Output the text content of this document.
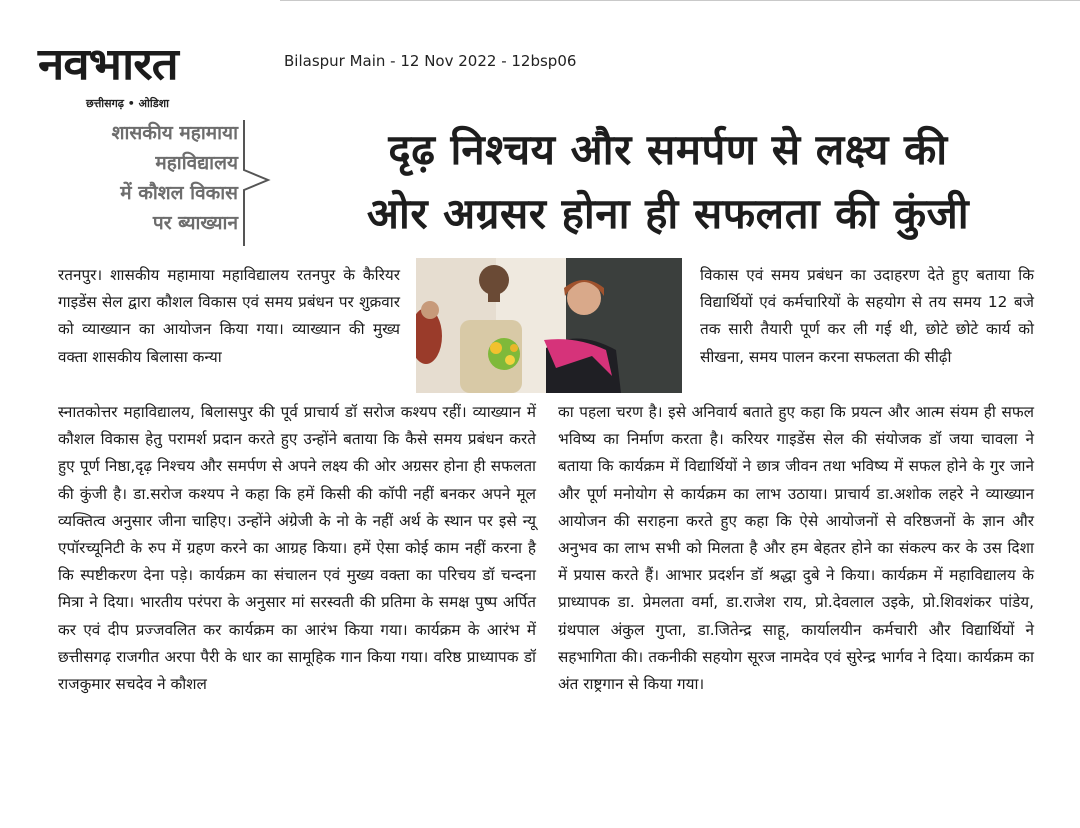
नवभारत
छत्तीसगढ़ • ओडिशा
Bilaspur Main - 12 Nov 2022 - 12bsp06
शासकीय महामाया
महाविद्यालय
में कौशल विकास
पर ब्याख्यान
दृढ़ निश्चय और समर्पण से लक्ष्य की
ओर अग्रसर होना ही सफलता की कुंजी
रतनपुर। शासकीय महामाया महाविद्यालय रतनपुर के कैरियर गाइडेंस सेल द्वारा कौशल विकास एवं समय प्रबंधन पर शुक्रवार को व्याख्यान का आयोजन किया गया। व्याख्यान की मुख्य वक्ता शासकीय बिलासा कन्या
स्नातकोत्तर महाविद्यालय, बिलासपुर की पूर्व प्राचार्य डॉ सरोज कश्यप रहीं। व्याख्यान में कौशल विकास हेतु परामर्श प्रदान करते हुए उन्होंने बताया कि कैसे समय प्रबंधन करते हुए पूर्ण निष्ठा,दृढ़ निश्चय और समर्पण से अपने लक्ष्य की ओर अग्रसर होना ही सफलता की कुंजी है। डा.सरोज कश्यप ने कहा कि हमें किसी की कॉपी नहीं बनकर अपने मूल व्यक्तित्व अनुसार जीना चाहिए। उन्होंने अंग्रेजी के नो के नहीं अर्थ के स्थान पर इसे न्यू एपॉरच्यूनिटी के रुप में ग्रहण करने का आग्रह किया। हमें ऐसा कोई काम नहीं करना है कि स्पष्टीकरण देना पड़े। कार्यक्रम का संचालन एवं मुख्य वक्ता का परिचय डॉ चन्दना मित्रा ने दिया। भारतीय परंपरा के अनुसार मां सरस्वती की प्रतिमा के समक्ष पुष्प अर्पित कर एवं दीप प्रज्जवलित कर कार्यक्रम का आरंभ किया गया। कार्यक्रम के आरंभ में छत्तीसगढ़ राजगीत अरपा पैरी के धार का सामूहिक गान किया गया। वरिष्ठ प्राध्यापक डॉ राजकुमार सचदेव ने कौशल
विकास एवं समय प्रबंधन का उदाहरण देते हुए बताया कि विद्यार्थियों एवं कर्मचारियों के सहयोग से तय समय 12 बजे तक सारी तैयारी पूर्ण कर ली गई थी, छोटे छोटे कार्य को सीखना, समय पालन करना सफलता की सीढ़ी
का पहला चरण है। इसे अनिवार्य बताते हुए कहा कि प्रयत्न और आत्म संयम ही सफल भविष्य का निर्माण करता है। करियर गाइडेंस सेल की संयोजक डॉ जया चावला ने बताया कि कार्यक्रम में विद्यार्थियों ने छात्र जीवन तथा भविष्य में सफल होने के गुर जाने और पूर्ण मनोयोग से कार्यक्रम का लाभ उठाया। प्राचार्य डा.अशोक लहरे ने व्याख्यान आयोजन की सराहना करते हुए कहा कि ऐसे आयोजनों से वरिष्ठजनों के ज्ञान और अनुभव का लाभ सभी को मिलता है और हम बेहतर होने का संकल्प कर के उस दिशा में प्रयास करते हैं। आभार प्रदर्शन डॉ श्रद्धा दुबे ने किया। कार्यक्रम में महाविद्यालय के प्राध्यापक डा. प्रेमलता वर्मा, डा.राजेश राय, प्रो.देवलाल उइके, प्रो.शिवशंकर पांडेय, ग्रंथपाल अंकुल गुप्ता, डा.जितेन्द्र साहू, कार्यालयीन कर्मचारी और विद्यार्थियों ने सहभागिता की। तकनीकी सहयोग सूरज नामदेव एवं सुरेन्द्र भार्गव ने दिया। कार्यक्रम का अंत राष्ट्रगान से किया गया।
